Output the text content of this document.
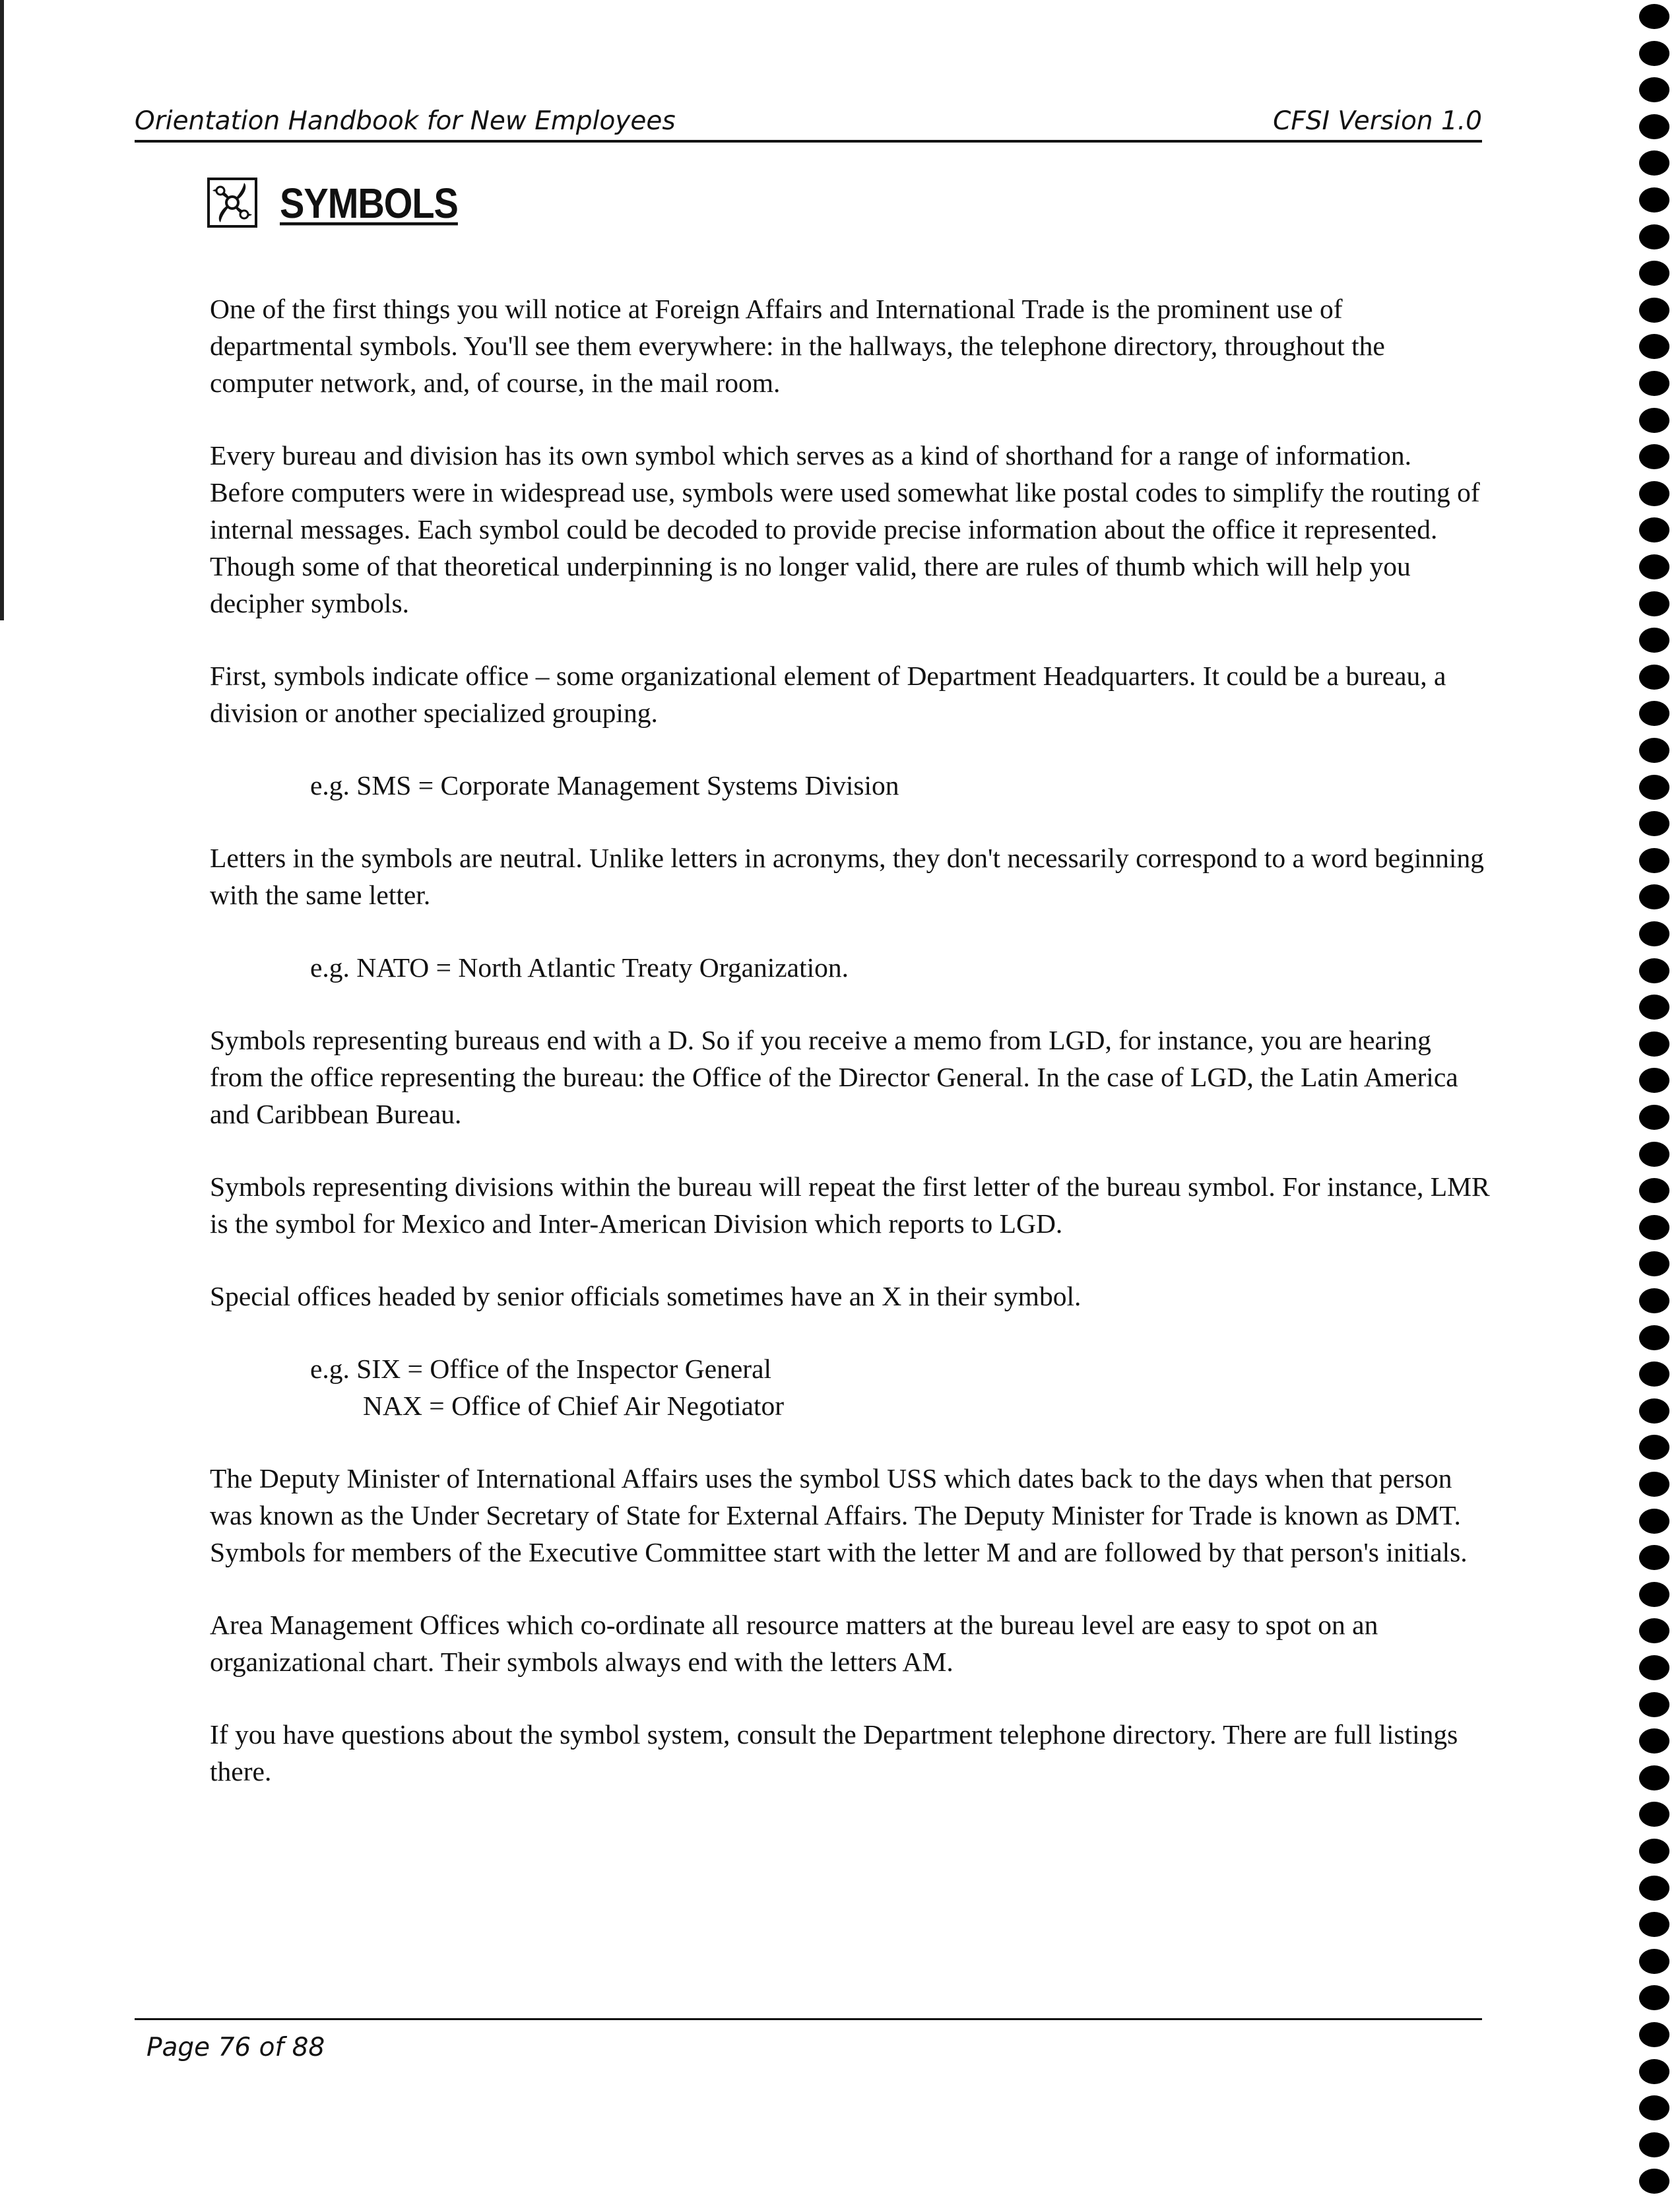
Orientation Handbook for New Employees	CFSI Version 1.0
SYMBOLS

One of the first things you will notice at Foreign Affairs and International Trade is the prominent use of departmental symbols. You'll see them everywhere: in the hallways, the telephone directory, throughout the computer network, and, of course, in the mail room.

Every bureau and division has its own symbol which serves as a kind of shorthand for a range of information. Before computers were in widespread use, symbols were used somewhat like postal codes to simplify the routing of internal messages. Each symbol could be decoded to provide precise information about the office it represented. Though some of that theoretical underpinning is no longer valid, there are rules of thumb which will help you decipher symbols.

First, symbols indicate office – some organizational element of Department Headquarters. It could be a bureau, a division or another specialized grouping.

e.g. SMS = Corporate Management Systems Division

Letters in the symbols are neutral. Unlike letters in acronyms, they don't necessarily correspond to a word beginning with the same letter.

e.g. NATO = North Atlantic Treaty Organization.

Symbols representing bureaus end with a D. So if you receive a memo from LGD, for instance, you are hearing from the office representing the bureau: the Office of the Director General. In the case of LGD, the Latin America and Caribbean Bureau.

Symbols representing divisions within the bureau will repeat the first letter of the bureau symbol. For instance, LMR is the symbol for Mexico and Inter-American Division which reports to LGD.

Special offices headed by senior officials sometimes have an X in their symbol.

e.g. SIX = Office of the Inspector General
NAX = Office of Chief Air Negotiator

The Deputy Minister of International Affairs uses the symbol USS which dates back to the days when that person was known as the Under Secretary of State for External Affairs. The Deputy Minister for Trade is known as DMT. Symbols for members of the Executive Committee start with the letter M and are followed by that person's initials.

Area Management Offices which co-ordinate all resource matters at the bureau level are easy to spot on an organizational chart. Their symbols always end with the letters AM.

If you have questions about the symbol system, consult the Department telephone directory. There are full listings there.

Page 76 of 88
